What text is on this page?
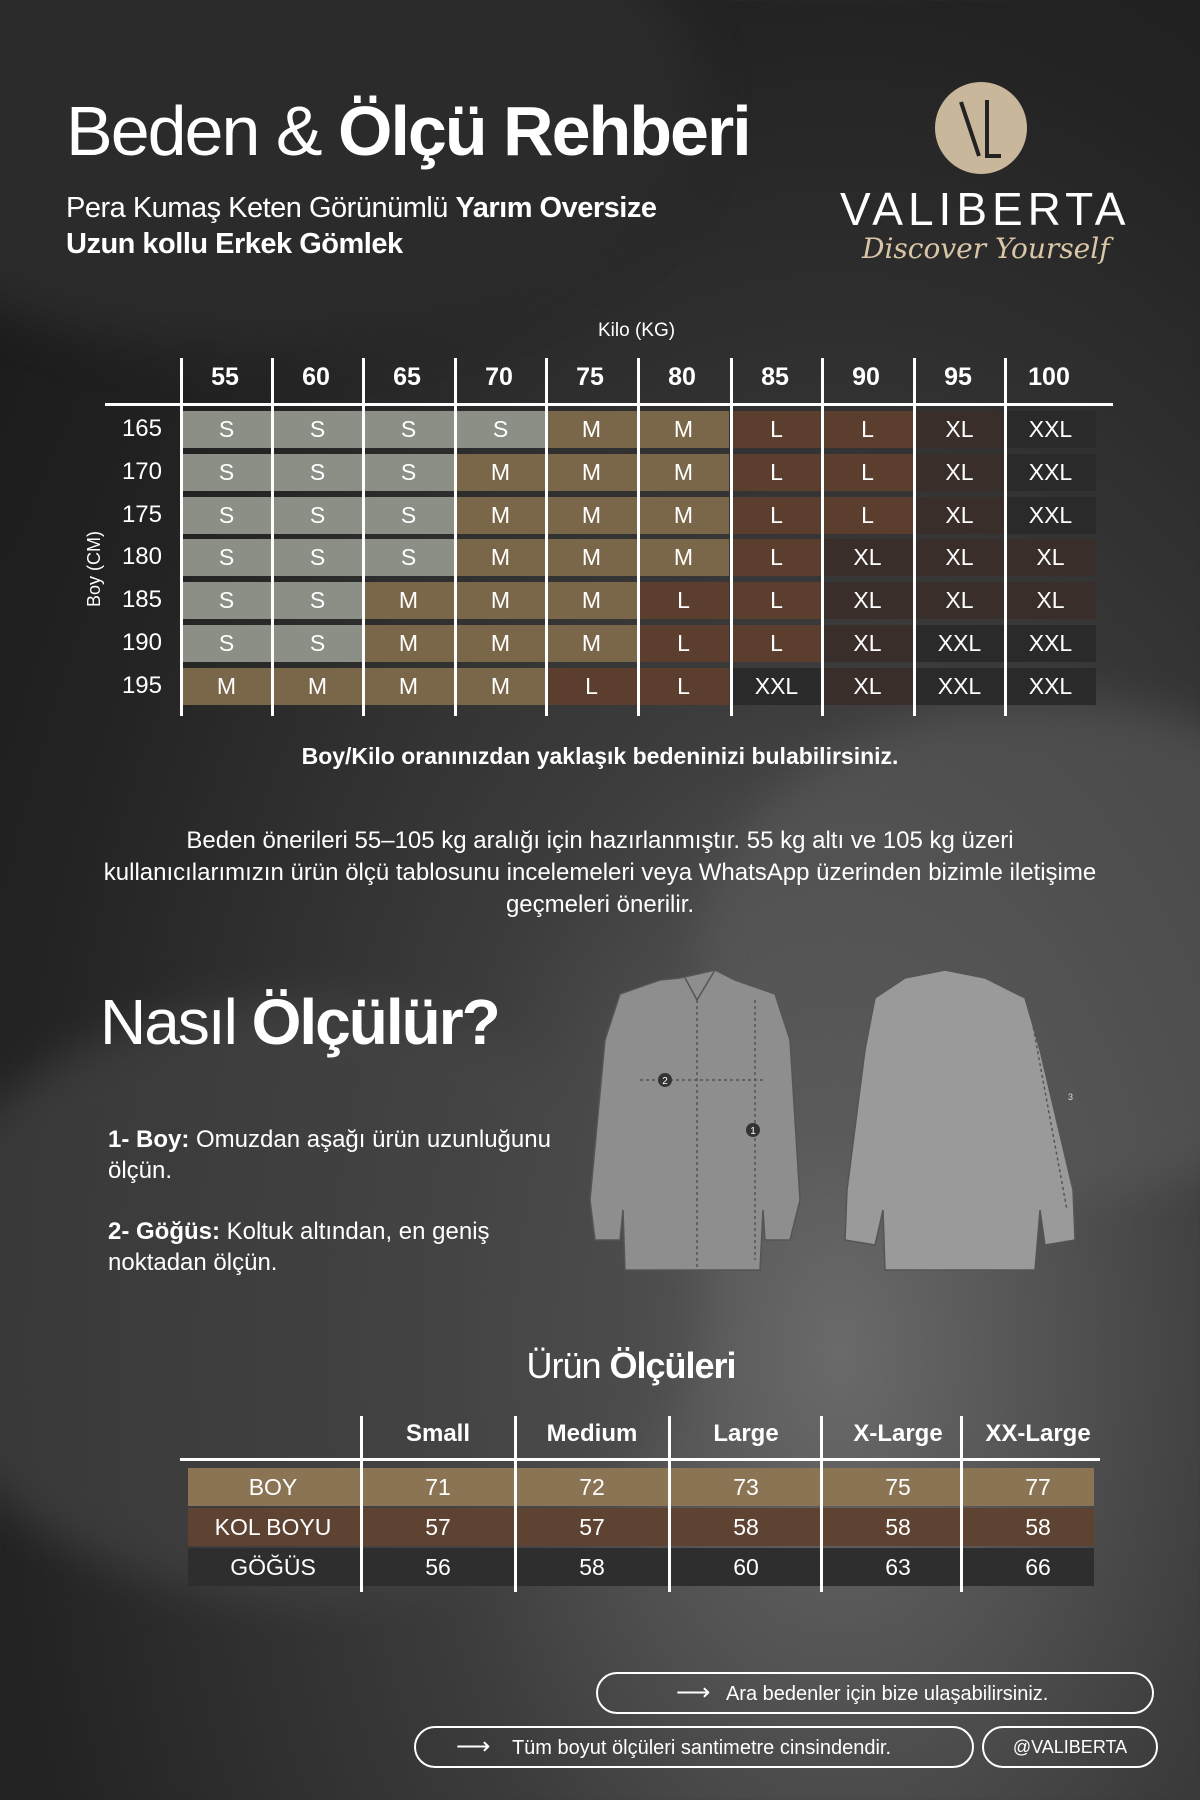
Beden & Ölçü Rehberi
Pera Kumaş Keten Görünümlü Yarım Oversize
Uzun kollu Erkek Gömlek
VALIBERTA
Discover Yourself
Kilo (KG)
Boy (CM)
55	60	65	70	75	80	85	90	95	100
165	S	S	S	S	M	M	L	L	XL	XXL
170	S	S	S	M	M	M	L	L	XL	XXL
175	S	S	S	M	M	M	L	L	XL	XXL
180	S	S	S	M	M	M	L	XL	XL	XL
185	S	S	M	M	M	L	L	XL	XL	XL
190	S	S	M	M	M	L	L	XL	XXL	XXL
195	M	M	M	M	L	L	XXL	XL	XXL	XXL
Boy/Kilo oranınızdan yaklaşık bedeninizi bulabilirsiniz.
Beden önerileri 55–105 kg aralığı için hazırlanmıştır. 55 kg altı ve 105 kg üzeri kullanıcılarımızın ürün ölçü tablosunu incelemeleri veya WhatsApp üzerinden bizimle iletişime geçmeleri önerilir.
Nasıl Ölçülür?
1- Boy: Omuzdan aşağı ürün uzunluğunu ölçün.
2- Göğüs: Koltuk altından, en geniş noktadan ölçün.
2
1
3
Ürün Ölçüleri
Small	Medium	Large	X-Large	XX-Large
BOY	71	72	73	75	77
KOL BOYU	57	57	58	58	58
GÖĞÜS	56	58	60	63	66
⟶ Ara bedenler için bize ulaşabilirsiniz.
⟶ Tüm boyut ölçüleri santimetre cinsindendir.	@VALIBERTA
